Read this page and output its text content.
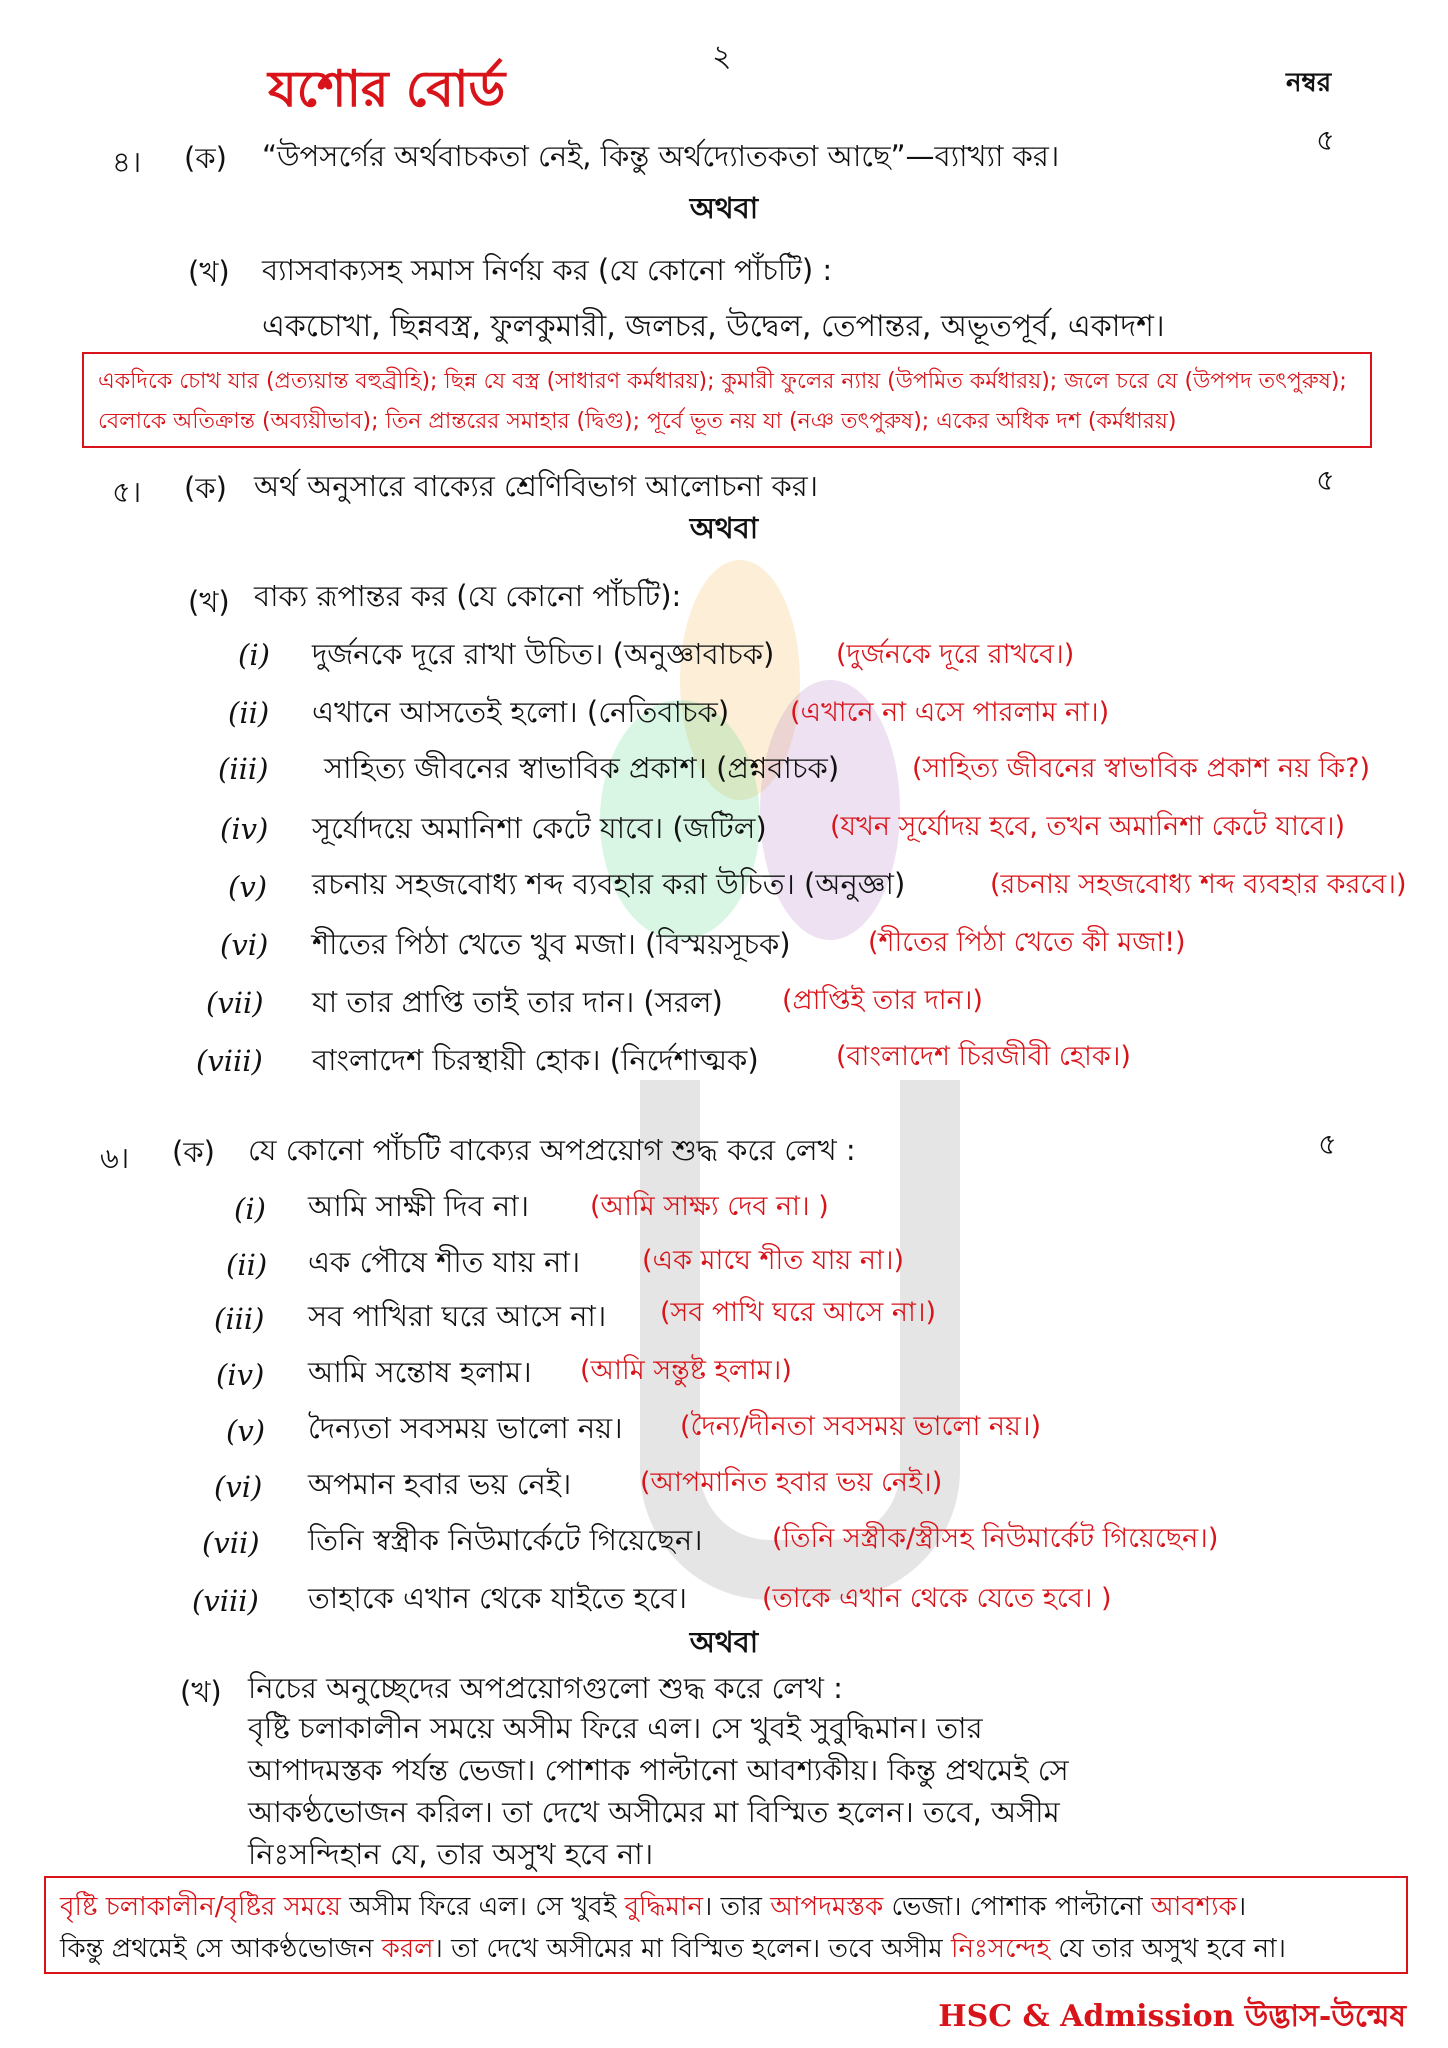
২
যশোর বোর্ড	নম্বর
৪। (ক) “উপসর্গের অর্থবাচকতা নেই, কিন্তু অর্থদ্যোতকতা আছে”—ব্যাখ্যা কর।	৫
অথবা
(খ) ব্যাসবাক্যসহ সমাস নির্ণয় কর (যে কোনো পাঁচটি) :
একচোখা, ছিন্নবস্ত্র, ফুলকুমারী, জলচর, উদ্বেল, তেপান্তর, অভূতপূর্ব, একাদশ।
একদিকে চোখ যার (প্রত্যয়ান্ত বহুব্রীহি); ছিন্ন যে বস্ত্র (সাধারণ কর্মধারয়); কুমারী ফুলের ন্যায় (উপমিত কর্মধারয়); জলে চরে যে (উপপদ তৎপুরুষ);
বেলাকে অতিক্রান্ত (অব্যয়ীভাব); তিন প্রান্তরের সমাহার (দ্বিগু); পূর্বে ভূত নয় যা (নঞ তৎপুরুষ); একের অধিক দশ (কর্মধারয়)
৫। (ক) অর্থ অনুসারে বাক্যের শ্রেণিবিভাগ আলোচনা কর।	৫
অথবা
(খ) বাক্য রূপান্তর কর (যে কোনো পাঁচটি):
(i) দুর্জনকে দূরে রাখা উচিত। (অনুজ্ঞাবাচক) (দুর্জনকে দূরে রাখবে।)
(ii) এখানে আসতেই হলো। (নেতিবাচক) (এখানে না এসে পারলাম না।)
(iii) সাহিত্য জীবনের স্বাভাবিক প্রকাশ। (প্রশ্নবাচক)	(সাহিত্য জীবনের স্বাভাবিক প্রকাশ নয় কি?)
(iv) সূর্যোদয়ে অমানিশা কেটে যাবে। (জটিল) (যখন সূর্যোদয় হবে, তখন অমানিশা কেটে যাবে।)
(v) রচনায় সহজবোধ্য শব্দ ব্যবহার করা উচিত। (অনুজ্ঞা)	(রচনায় সহজবোধ্য শব্দ ব্যবহার করবে।)
(vi) শীতের পিঠা খেতে খুব মজা। (বিস্ময়সূচক)	(শীতের পিঠা খেতে কী মজা!)
(vii) যা তার প্রাপ্তি তাই তার দান। (সরল) (প্রাপ্তিই তার দান।)
(viii) বাংলাদেশ চিরস্থায়ী হোক। (নির্দেশাত্মক)	(বাংলাদেশ চিরজীবী হোক।)
৬। (ক) যে কোনো পাঁচটি বাক্যের অপপ্রয়োগ শুদ্ধ করে লেখ :	৫
(i) আমি সাক্ষী দিব না। (আমি সাক্ষ্য দেব না। )
(ii) এক পৌষে শীত যায় না। (এক মাঘে শীত যায় না।)
(iii) সব পাখিরা ঘরে আসে না। (সব পাখি ঘরে আসে না।)
(iv) আমি সন্তোষ হলাম। (আমি সন্তুষ্ট হলাম।)
(v) দৈন্যতা সবসময় ভালো নয়। (দৈন্য/দীনতা সবসময় ভালো নয়।)
(vi) অপমান হবার ভয় নেই।	(আপমানিত হবার ভয় নেই।)
(vii) তিনি স্বস্ত্রীক নিউমার্কেটে গিয়েছেন।	(তিনি সস্ত্রীক/স্ত্রীসহ নিউমার্কেট গিয়েছেন।)
(viii) তাহাকে এখান থেকে যাইতে হবে।	(তাকে এখান থেকে যেতে হবে। )
অথবা
(খ) নিচের অনুচ্ছেদের অপপ্রয়োগগুলো শুদ্ধ করে লেখ :
বৃষ্টি চলাকালীন সময়ে অসীম ফিরে এল। সে খুবই সুবুদ্ধিমান। তার
আপাদমস্তক পর্যন্ত ভেজা। পোশাক পাল্টানো আবশ্যকীয়। কিন্তু প্রথমেই সে
আকণ্ঠভোজন করিল। তা দেখে অসীমের মা বিস্মিত হলেন। তবে, অসীম
নিঃসন্দিহান যে, তার অসুখ হবে না।
বৃষ্টি চলাকালীন/বৃষ্টির সময়ে অসীম ফিরে এল। সে খুবই বুদ্ধিমান। তার আপদমস্তক ভেজা। পোশাক পাল্টানো আবশ্যক।
কিন্তু প্রথমেই সে আকণ্ঠভোজন করল। তা দেখে অসীমের মা বিস্মিত হলেন। তবে অসীম নিঃসন্দেহ যে তার অসুখ হবে না।
HSC & Admission উদ্ভাস-উন্মেষ
